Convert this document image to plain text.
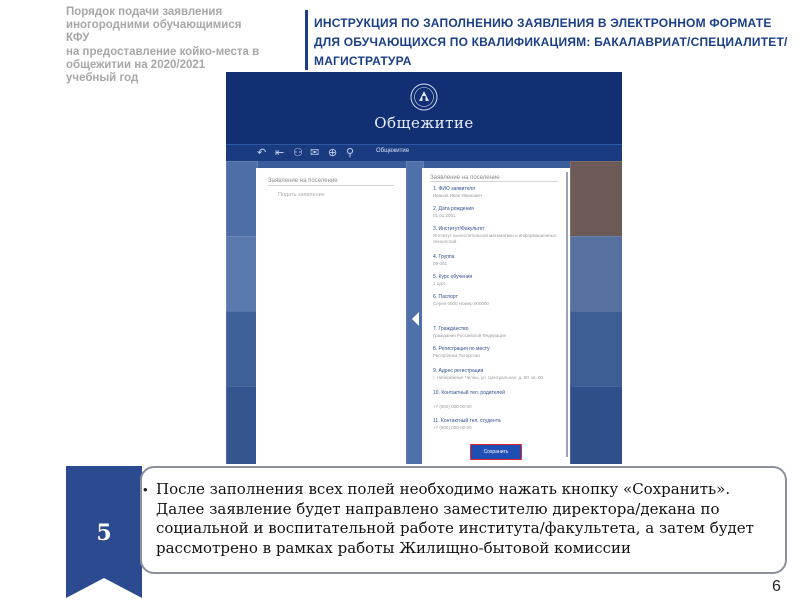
Порядок подачи заявления
иногородними обучающимися
КФУ
на предоставление койко-места в
общежитии на 2020/2021
учебный год
ИНСТРУКЦИЯ ПО ЗАПОЛНЕНИЮ ЗАЯВЛЕНИЯ В ЭЛЕКТРОННОМ ФОРМАТЕ ДЛЯ ОБУЧАЮЩИХСЯ ПО КВАЛИФИКАЦИЯМ: БАКАЛАВРИАТ/СПЕЦИАЛИТЕТ/МАГИСТРАТУРА
Общежитие
↶ ⇤ ⚇ ✉ ⊕ ⚲	Общежитие
Заявление на поселение
Подать заявление
Заявление на поселение
1. ФИО заявителя
Иванов Иван Иванович
2. Дата рождения
01.01.2001
3. Институт/Факультет
Институт вычислительной математики и информационных технологий
4. Группа
09-001
5. Курс обучения
1 курс
6. Паспорт
Серия 0000 Номер 000000
7. Гражданство
Гражданин Российской Федерации
8. Регистрация по месту
Республика Татарстан
9. Адрес регистрации
г. Набережные Челны, ул. Центральная, д. 00, кв. 00
10. Контактный тел. родителей
+7 (900) 000-00-00
11. Контактный тел. студента
+7 (900) 000-00-00
Сохранить
5
• После заполнения всех полей необходимо нажать кнопку «Сохранить». Далее заявление будет направлено заместителю директора/декана по социальной и воспитательной работе института/факультета, а затем будет рассмотрено в рамках работы Жилищно-бытовой комиссии
6
